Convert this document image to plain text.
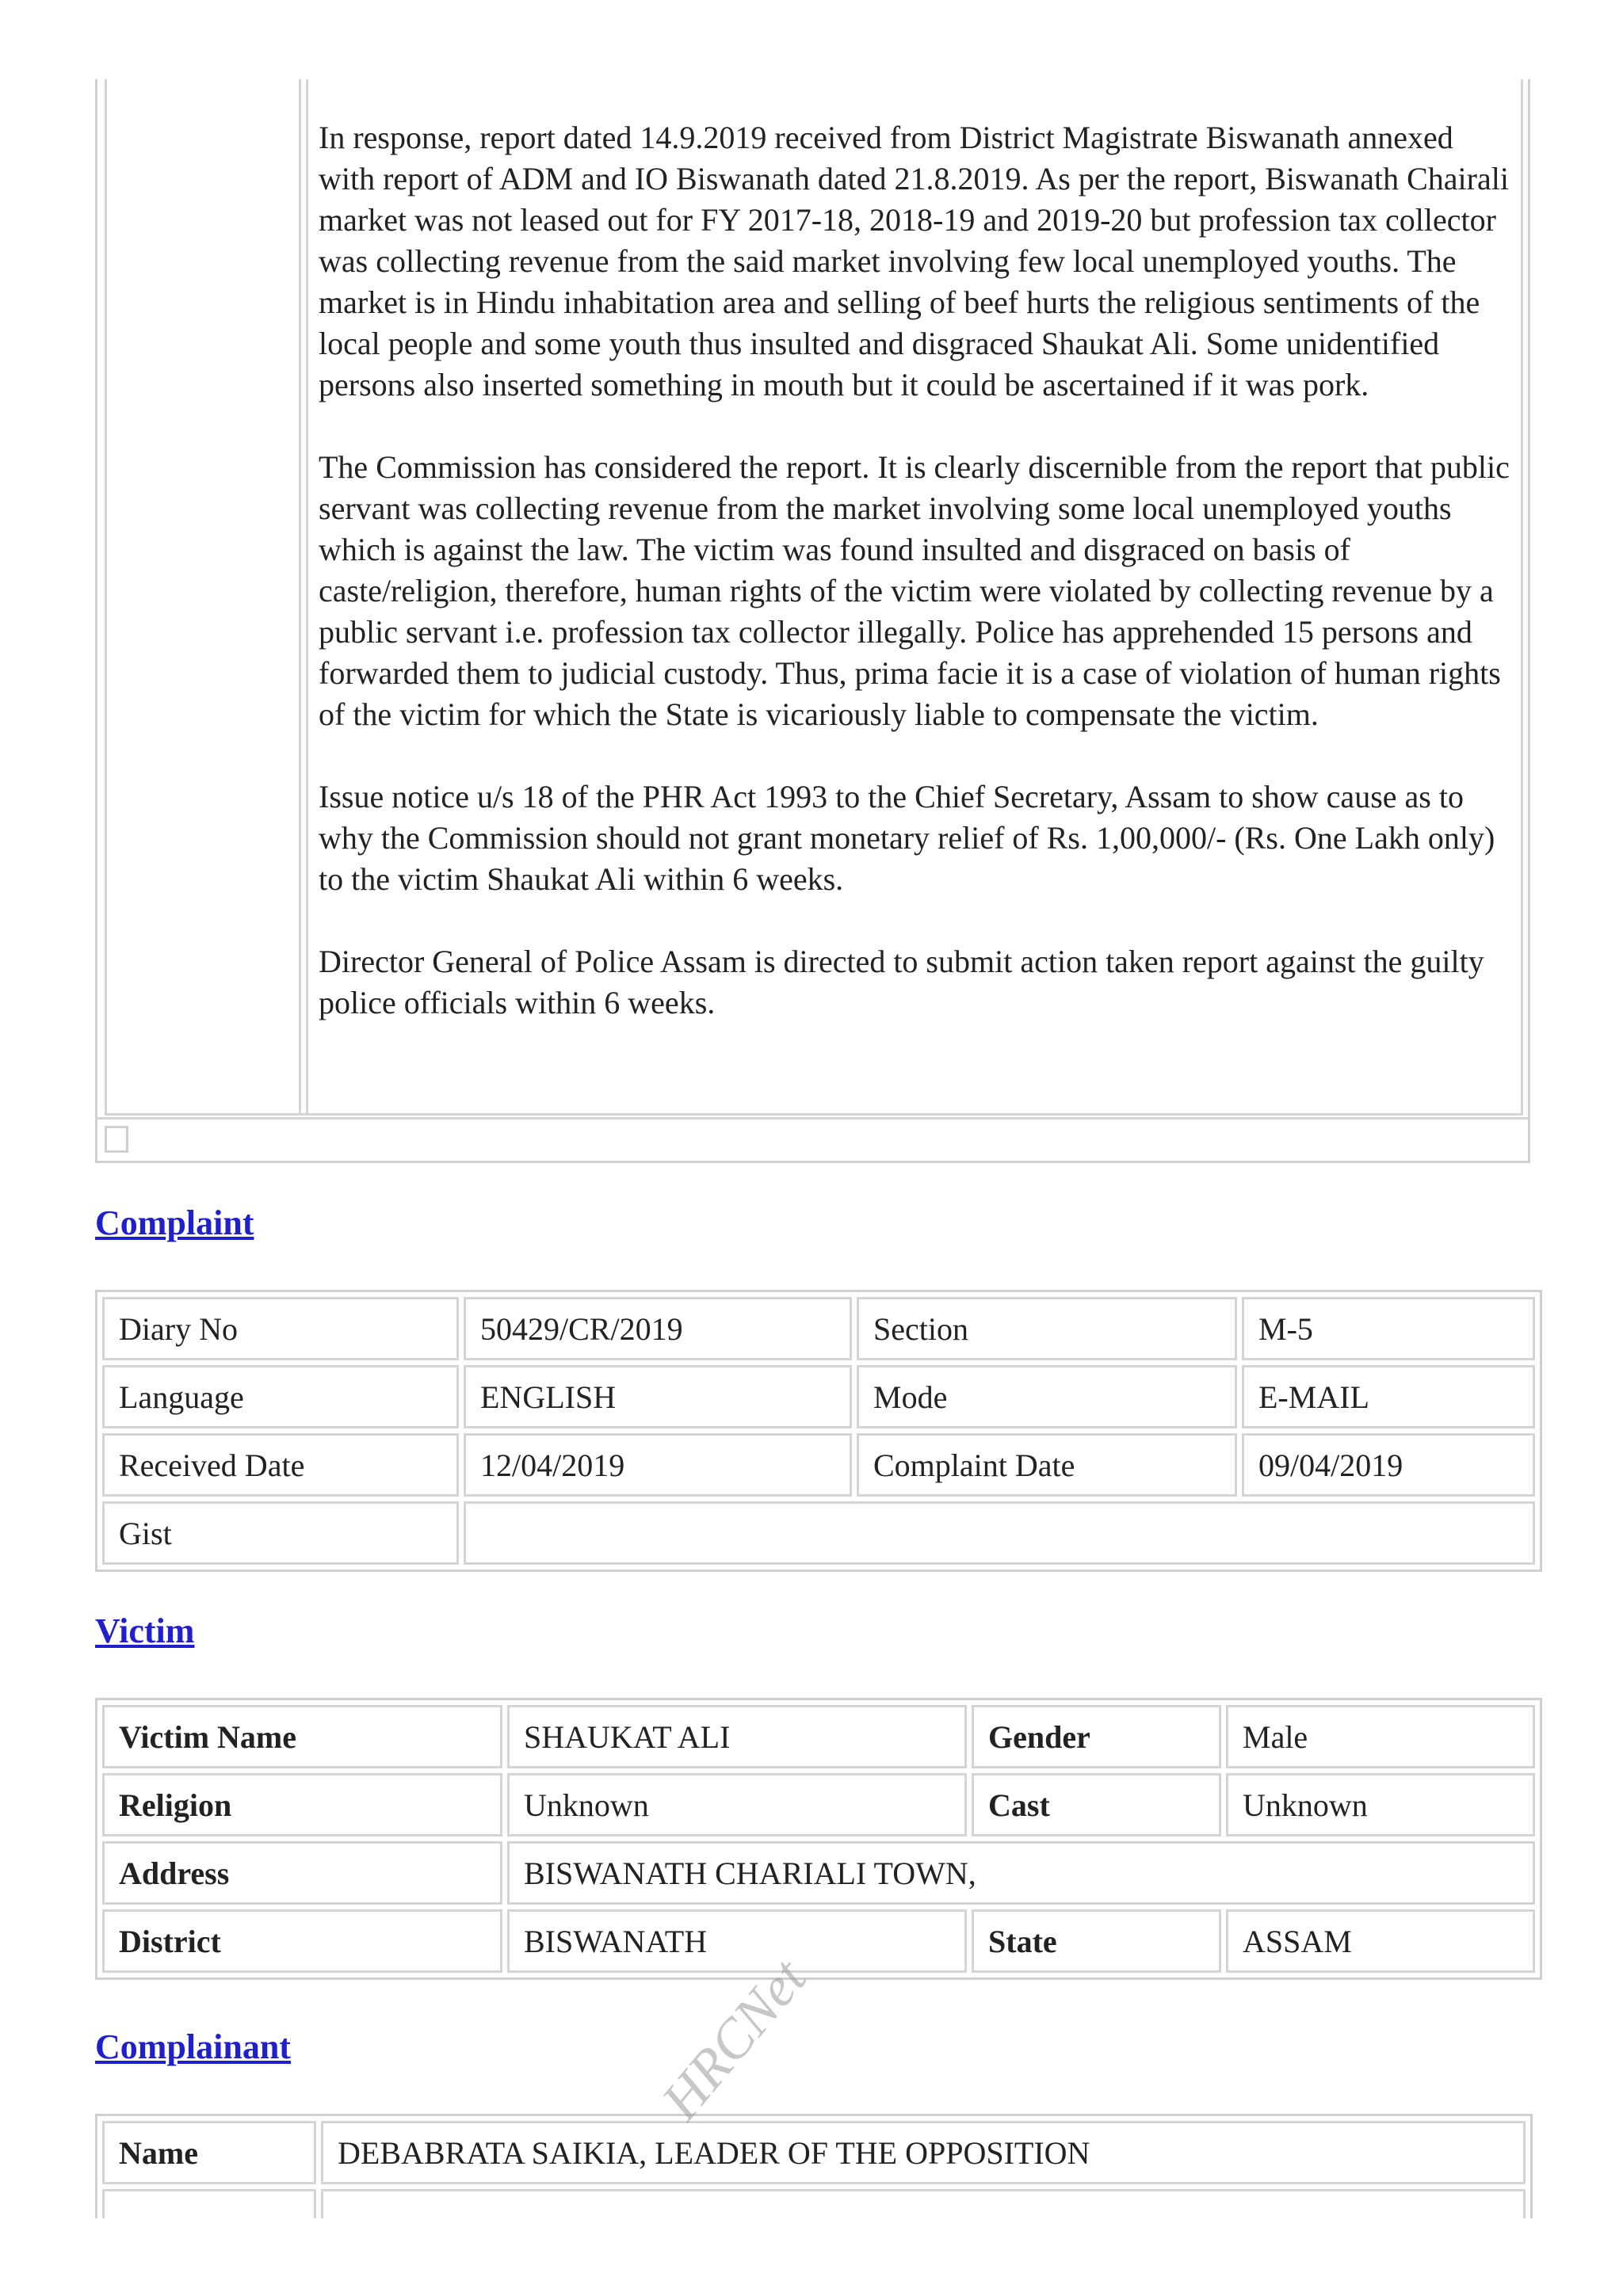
In response, report dated 14.9.2019 received from District Magistrate Biswanath annexed with report of ADM and IO Biswanath dated 21.8.2019. As per the report, Biswanath Chairali market was not leased out for FY 2017-18, 2018-19 and 2019-20 but profession tax collector was collecting revenue from the said market involving few local unemployed youths. The market is in Hindu inhabitation area and selling of beef hurts the religious sentiments of the local people and some youth thus insulted and disgraced Shaukat Ali. Some unidentified persons also inserted something in mouth but it could be ascertained if it was pork.

The Commission has considered the report. It is clearly discernible from the report that public servant was collecting revenue from the market involving some local unemployed youths which is against the law. The victim was found insulted and disgraced on basis of caste/religion, therefore, human rights of the victim were violated by collecting revenue by a public servant i.e. profession tax collector illegally. Police has apprehended 15 persons and forwarded them to judicial custody. Thus, prima facie it is a case of violation of human rights of the victim for which the State is vicariously liable to compensate the victim.

Issue notice u/s 18 of the PHR Act 1993 to the Chief Secretary, Assam to show cause as to why the Commission should not grant monetary relief of Rs. 1,00,000/- (Rs. One Lakh only) to the victim Shaukat Ali within 6 weeks.

Director General of Police Assam is directed to submit action taken report against the guilty police officials within 6 weeks.

Complaint
Diary No	50429/CR/2019	Section	M-5
Language	ENGLISH	Mode	E-MAIL
Received Date	12/04/2019	Complaint Date	09/04/2019
Gist			
Victim
Victim Name	SHAUKAT ALI	Gender	Male
Religion	Unknown	Cast	Unknown
Address	BISWANATH CHARIALI TOWN,		
District	BISWANATH	State	ASSAM
Complainant
Name	DEBABRATA SAIKIA, LEADER OF THE OPPOSITION

HRCNet
